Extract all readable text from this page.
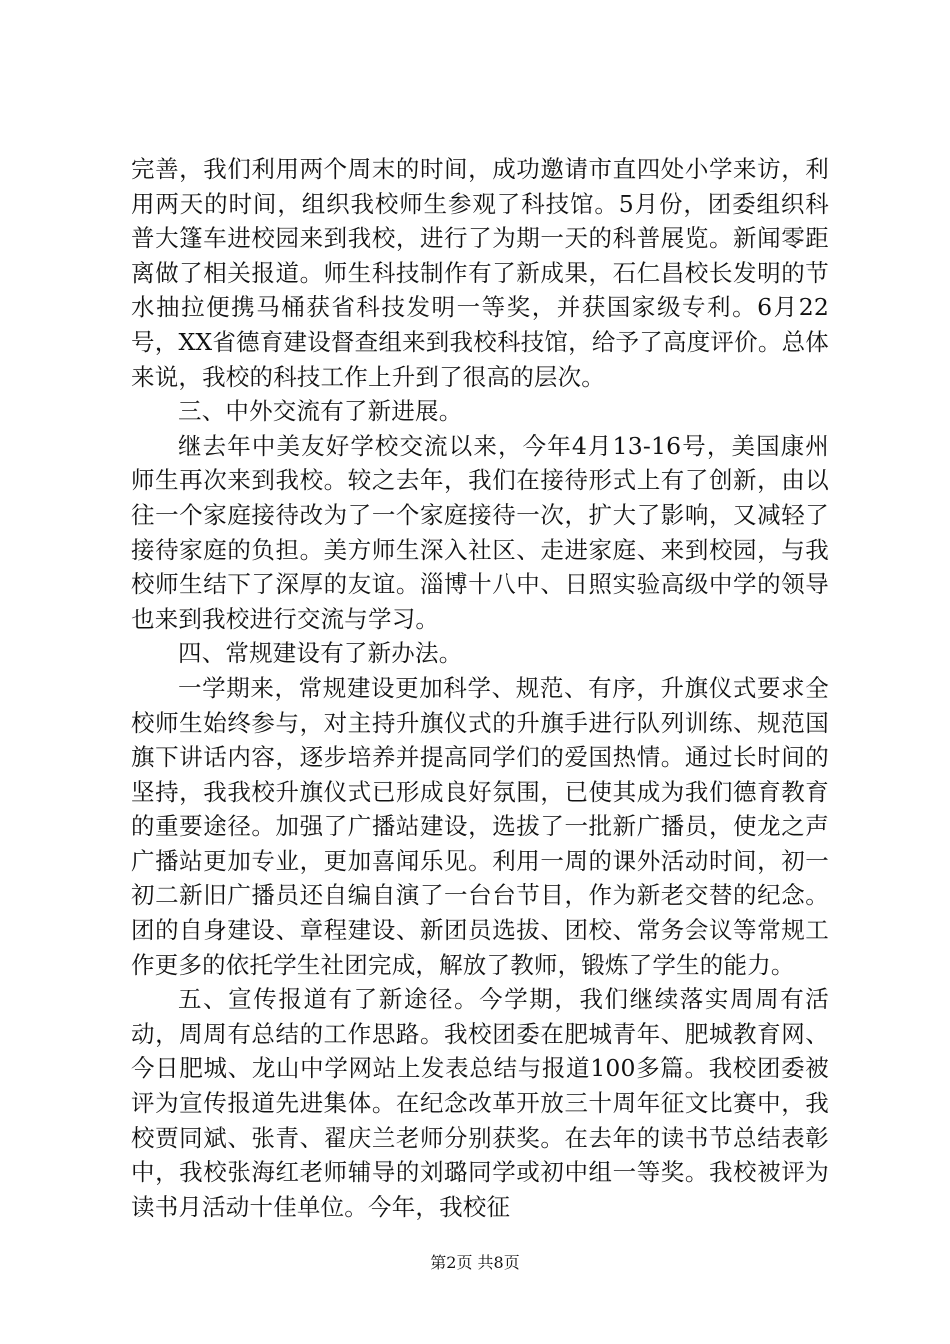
完善，我们利用两个周末的时间，成功邀请市直四处小学来访，利用两天的时间，组织我校师生参观了科技馆。5月份，团委组织科普大篷车进校园来到我校，进行了为期一天的科普展览。新闻零距离做了相关报道。师生科技制作有了新成果，石仁昌校长发明的节水抽拉便携马桶获省科技发明一等奖，并获国家级专利。6月22号，XX省德育建设督查组来到我校科技馆，给予了高度评价。总体来说，我校的科技工作上升到了很高的层次。

三、中外交流有了新进展。

继去年中美友好学校交流以来，今年4月13-16号，美国康州师生再次来到我校。较之去年，我们在接待形式上有了创新，由以往一个家庭接待改为了一个家庭接待一次，扩大了影响，又减轻了接待家庭的负担。美方师生深入社区、走进家庭、来到校园，与我校师生结下了深厚的友谊。淄博十八中、日照实验高级中学的领导也来到我校进行交流与学习。

四、常规建设有了新办法。

一学期来，常规建设更加科学、规范、有序，升旗仪式要求全校师生始终参与，对主持升旗仪式的升旗手进行队列训练、规范国旗下讲话内容，逐步培养并提高同学们的爱国热情。通过长时间的坚持，我我校升旗仪式已形成良好氛围，已使其成为我们德育教育的重要途径。加强了广播站建设，选拔了一批新广播员，使龙之声广播站更加专业，更加喜闻乐见。利用一周的课外活动时间，初一初二新旧广播员还自编自演了一台台节目，作为新老交替的纪念。团的自身建设、章程建设、新团员选拔、团校、常务会议等常规工作更多的依托学生社团完成，解放了教师，锻炼了学生的能力。

五、宣传报道有了新途径。今学期，我们继续落实周周有活动，周周有总结的工作思路。我校团委在肥城青年、肥城教育网、今日肥城、龙山中学网站上发表总结与报道100多篇。我校团委被评为宣传报道先进集体。在纪念改革开放三十周年征文比赛中，我校贾同斌、张青、翟庆兰老师分别获奖。在去年的读书节总结表彰中，我校张海红老师辅导的刘璐同学或初中组一等奖。我校被评为读书月活动十佳单位。今年，我校征

第2页 共8页
